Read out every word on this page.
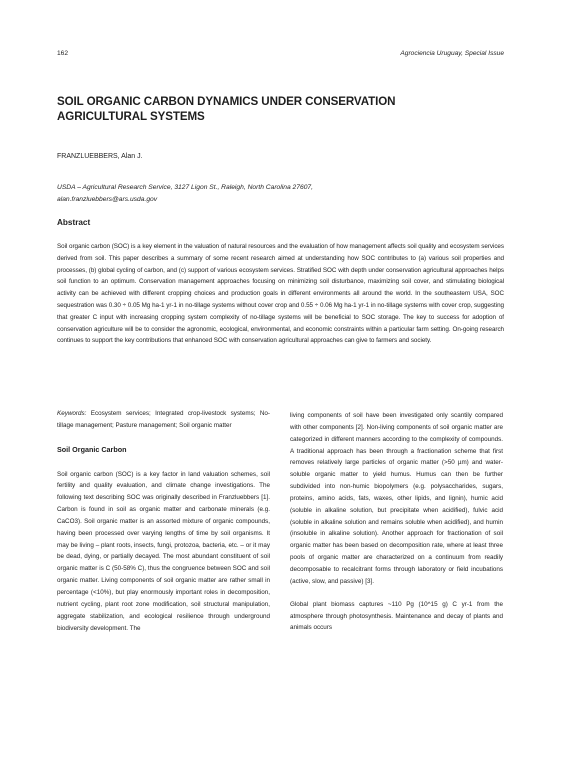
162	Agrociencia Uruguay, Special Issue
SOIL ORGANIC CARBON DYNAMICS UNDER CONSERVATION AGRICULTURAL SYSTEMS

FRANZLUEBBERS, Alan J.

USDA – Agricultural Research Service, 3127 Ligon St., Raleigh, North Carolina 27607, alan.franzluebbers@ars.usda.gov

Abstract

Soil organic carbon (SOC) is a key element in the valuation of natural resources and the evaluation of how management affects soil quality and ecosystem services derived from soil. This paper describes a summary of some recent research aimed at understanding how SOC contributes to (a) various soil properties and processes, (b) global cycling of carbon, and (c) support of various ecosystem services. Stratified SOC with depth under conservation agricultural approaches helps soil function to an optimum. Conservation management approaches focusing on minimizing soil disturbance, maximizing soil cover, and stimulating biological activity can be achieved with different cropping choices and production goals in different environments all around the world. In the southeastern USA, SOC sequestration was 0.30 ÷ 0.05 Mg ha-1 yr-1 in no-tillage systems without cover crop and 0.55 ÷ 0.06 Mg ha-1 yr-1 in no-tillage systems with cover crop, suggesting that greater C input with increasing cropping system complexity of no-tillage systems will be beneficial to SOC storage. The key to success for adoption of conservation agriculture will be to consider the agronomic, ecological, environmental, and economic constraints within a particular farm setting. On-going research continues to support the key contributions that enhanced SOC with conservation agricultural approaches can give to farmers and society.

Keywords: Ecosystem services; Integrated crop-livestock systems; No-tillage management; Pasture management; Soil organic matter

Soil Organic Carbon

Soil organic carbon (SOC) is a key factor in land valuation schemes, soil fertility and quality evaluation, and climate change investigations. The following text describing SOC was originally described in Franzluebbers [1]. Carbon is found in soil as organic matter and carbonate minerals (e.g. CaCO3). Soil organic matter is an assorted mixture of organic compounds, having been processed over varying lengths of time by soil organisms. It may be living – plant roots, insects, fungi, protozoa, bacteria, etc. – or it may be dead, dying, or partially decayed. The most abundant constituent of soil organic matter is C (50-58% C), thus the congruence between SOC and soil organic matter. Living components of soil organic matter are rather small in percentage (<10%), but play enormously important roles in decomposition, nutrient cycling, plant root zone modification, soil structural manipulation, aggregate stabilization, and ecological resilience through underground biodiversity development. The

living components of soil have been investigated only scantily compared with other components [2]. Non-living components of soil organic matter are categorized in different manners according to the complexity of compounds. A traditional approach has been through a fractionation scheme that first removes relatively large particles of organic matter (>50 µm) and water-soluble organic matter to yield humus. Humus can then be further subdivided into non-humic biopolymers (e.g. polysaccharides, sugars, proteins, amino acids, fats, waxes, other lipids, and lignin), humic acid (soluble in alkaline solution, but precipitate when acidified), fulvic acid (soluble in alkaline solution and remains soluble when acidified), and humin (insoluble in alkaline solution). Another approach for fractionation of soil organic matter has been based on decomposition rate, where at least three pools of organic matter are characterized on a continuum from readily decomposable to recalcitrant forms through laboratory or field incubations (active, slow, and passive) [3].

Global plant biomass captures ~110 Pg (10^15 g) C yr-1 from the atmosphere through photosynthesis. Maintenance and decay of plants and animals occurs
